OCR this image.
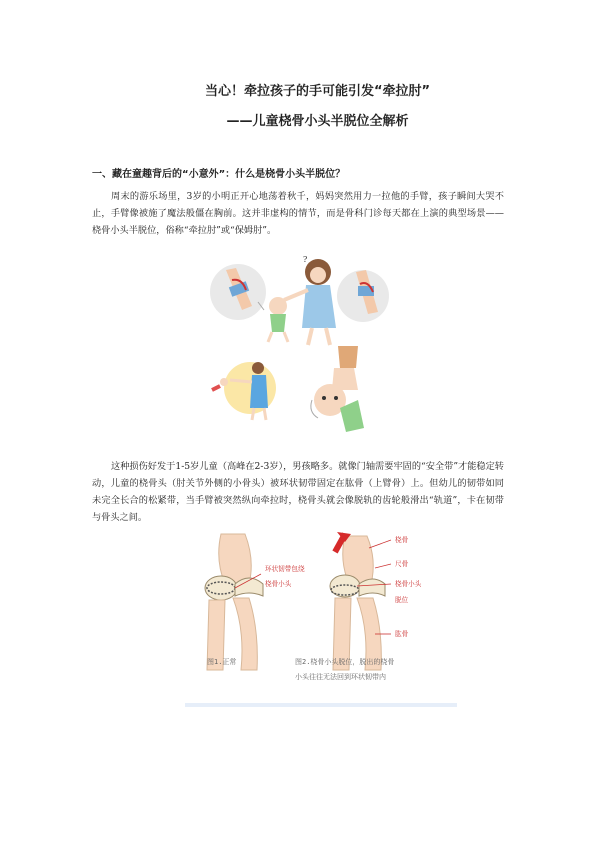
当心！牵拉孩子的手可能引发“牵拉肘”
——儿童桡骨小头半脱位全解析
一、藏在童趣背后的“小意外”：什么是桡骨小头半脱位？
周末的游乐场里，3岁的小明正开心地荡着秋千，妈妈突然用力一拉他的手臂，孩子瞬间大哭不止，手臂像被施了魔法般僵在胸前。这并非虚构的情节，而是骨科门诊每天都在上演的典型场景——桡骨小头半脱位，俗称“牵拉肘”或“保姆肘”。
?
这种损伤好发于1-5岁儿童（高峰在2-3岁），男孩略多。就像门轴需要牢固的“安全带”才能稳定转动，儿童的桡骨头（肘关节外侧的小骨头）被环状韧带固定在肱骨（上臂骨）上。但幼儿的韧带如同未完全长合的松紧带，当手臂被突然纵向牵拉时，桡骨头就会像脱轨的齿轮般滑出“轨道”，卡在韧带与骨头之间。
环状韧带包绕
桡骨小头
桡骨
尺骨
桡骨小头
脱位
肱骨
图1.正常	图2.桡骨小头脱位，脱出的桡骨
小头往往无法回到环状韧带内
